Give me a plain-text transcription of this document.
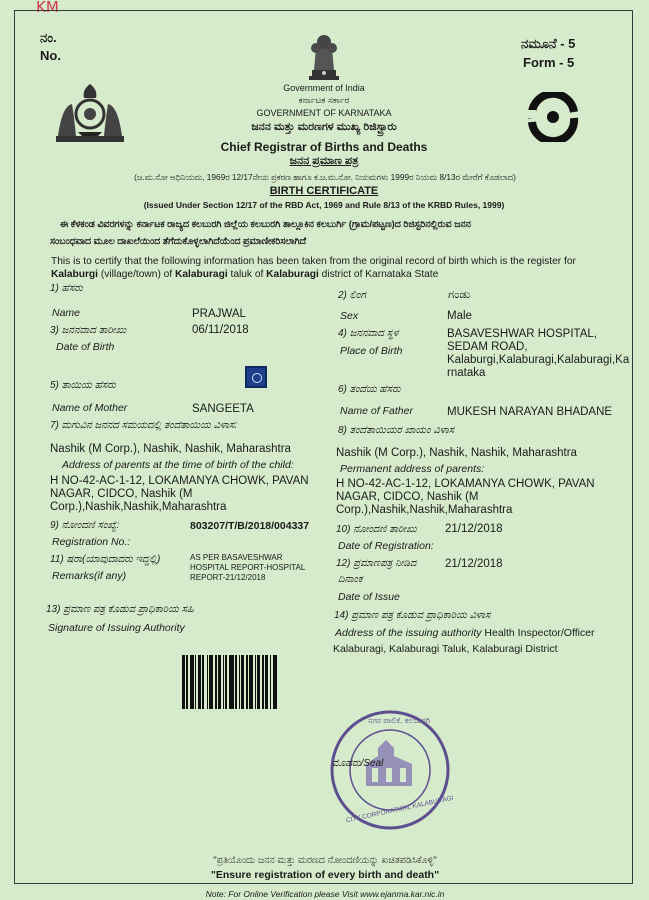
KM
ನಂ.
No.
ನಮೂನೆ - 5
Form - 5
Government of India
ಕರ್ನಾಟಕ ಸರ್ಕಾರ
GOVERNMENT OF KARNATAKA
ಜನನ ಮತ್ತು ಮರಣಗಳ ಮುಖ್ಯ ರಿಜಿಸ್ಟ್ರಾರು
Chief Registrar of Births and Deaths
ಜನನ ಪ್ರಮಾಣ ಪತ್ರ
(ಜ.ಮ.ನೋ ಅಧಿನಿಯಮ, 1969ರ 12/17ನೇಯ ಪ್ರಕರಣ ಹಾಗೂ ಕ.ಜ.ಮ.ನೋ. ನಿಯಮಗಳು 1999ರ ನಿಯಮ 8/13ರ ಮೇರೆಗೆ ಕೊಡಲಾದ)
BIRTH CERTIFICATE
(Issued Under Section 12/17 of the RBD Act, 1969 and Rule 8/13 of the KRBD Rules, 1999)
ಈ ಕೆಳಕಂಡ ವಿವರಗಳನ್ನು ಕರ್ನಾಟಕ ರಾಜ್ಯದ ಕಲಬುರಗಿ ಜಿಲ್ಲೆಯ ಕಲಬುರಗಿ ತಾಲ್ಲೂಕಿನ ಕಲಬುರ್ಗಿ (ಗ್ರಾಮ/ಪಟ್ಟಣ)ದ ರಿಜಿಸ್ಟರಿನಲ್ಲಿರುವ ಜನನ
ಸಂಬಂಧವಾದ ಮೂಲ ದಾಖಲೆಯಿಂದ ತೆಗೆದುಕೊಳ್ಳಲಾಗಿದೆಯೆಂದ ಪ್ರಮಾಣೀಕರಿಸಲಾಗಿದೆ
This is to certify that the following information has been taken from the original record of birth which is the register for
Kalaburgi (village/town) of Kalaburagi taluk of Kalaburagi district of Karnataka State
1) ಹೆಸರು
2) ಲಿಂಗ	ಗಂಡು
Name	PRAJWAL	Sex	Male
3) ಜನನವಾದ ತಾರೀಖು	06/11/2018
Date of Birth
4) ಜನನವಾದ ಸ್ಥಳ
Place of Birth
BASAVESHWAR HOSPITAL,
SEDAM ROAD,
Kalaburgi,Kalaburagi,Kalaburagi,Ka
rnataka
5) ತಾಯಿಯ ಹೆಸರು	6) ತಂದೆಯ ಹೆಸರು
Name of Mother	SANGEETA	Name of Father	MUKESH NARAYAN BHADANE
7) ಮಗುವಿನ ಜನನದ ಸಮಯದಲ್ಲಿ ತಂದೆತಾಯಿಯ ವಿಳಾಸ:	8) ತಂದೆತಾಯಿಯರ ಖಾಯಂ ವಿಳಾಸ
Nashik (M Corp.), Nashik, Nashik, Maharashtra
Address of parents at the time of birth of the child:
H NO-42-AC-1-12, LOKAMANYA CHOWK, PAVAN
NAGAR, CIDCO, Nashik (M
Corp.),Nashik,Nashik,Maharashtra
Nashik (M Corp.), Nashik, Nashik, Maharashtra
Permanent address of parents:
H NO-42-AC-1-12, LOKAMANYA CHOWK, PAVAN
NAGAR, CIDCO, Nashik (M
Corp.),Nashik,Nashik,Maharashtra
9) ನೋಂದಣಿ ಸಂಖ್ಯೆ:	803207/T/B/2018/004337
Registration No.:
10) ನೋಂದಣಿ ತಾರೀಖು 21/12/2018
Date of Registration:
11) ಷರಾ(ಯಾವುದಾದರು ಇದ್ದಲ್ಲಿ)
Remarks(if any)
AS PER BASAVESHWAR
HOSPITAL REPORT-HOSPITAL
REPORT-21/12/2018
12) ಪ್ರಮಾಣಪತ್ರ ನೀಡಿದ 21/12/2018
ದಿನಾಂಕ
Date of Issue
13) ಪ್ರಮಾಣ ಪತ್ರ ಕೊಡುವ ಪ್ರಾಧಿಕಾರಿಯ ಸಹಿ
Signature of Issuing Authority
14) ಪ್ರಮಾಣ ಪತ್ರ ಕೊಡುವ ಪ್ರಾಧಿಕಾರಿಯ ವಿಳಾಸ
Address of the issuing authority Health Inspector/Officer
Kalaburagi, Kalaburagi Taluk, Kalaburagi District
ನಗರ ಪಾಲಿಕೆ, ಕಲಬುರಗಿ
CITY CORPORATION, KALABURAGI
ಮೊಹರು/Seal
"ಪ್ರತಿಯೊಂದು ಜನನ ಮತ್ತು ಮರಣದ ನೋಂದಣಿಯನ್ನು ಖಚಿತಪಡಿಸಿಕೊಳ್ಳಿ"
"Ensure registration of every birth and death"
Note: For Online Verification please Visit www.ejanma.kar.nic.in
